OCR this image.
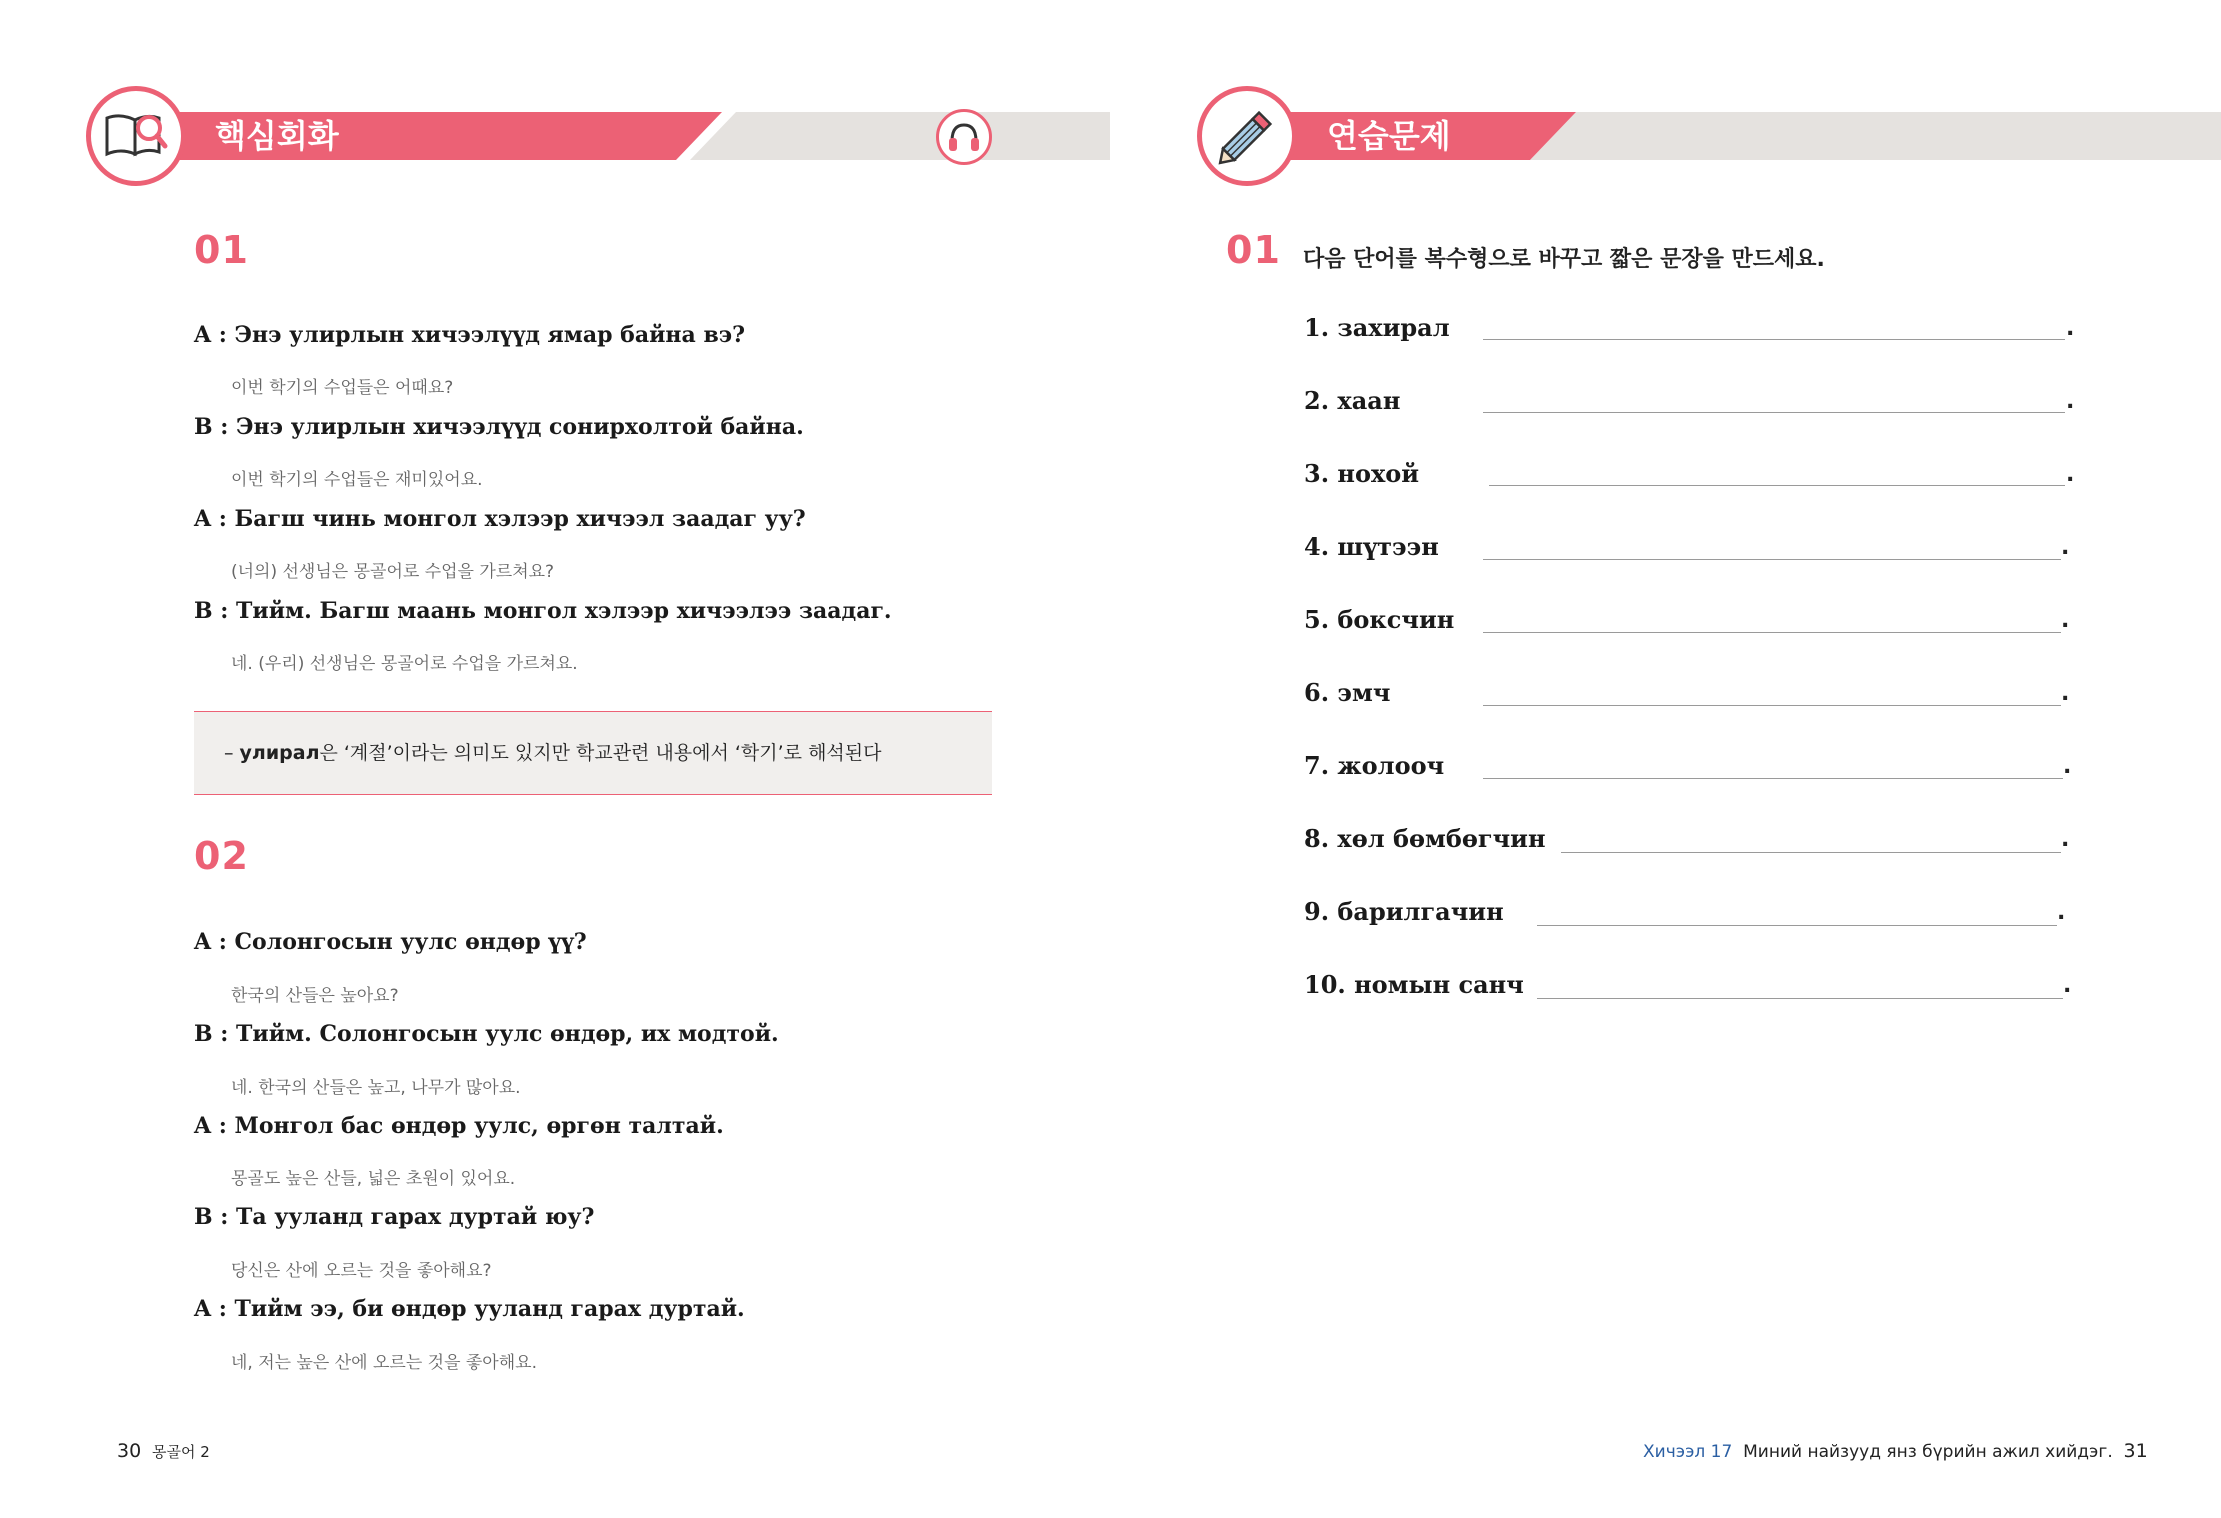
핵심회화
01
A : Энэ улирлын хичээлүүд ямар байна вэ?
이번 학기의 수업들은 어때요?
B : Энэ улирлын хичээлүүд сонирхолтой байна.
이번 학기의 수업들은 재미있어요.
A : Багш чинь монгол хэлээр хичээл заадаг уу?
(너의) 선생님은 몽골어로 수업을 가르쳐요?
B : Тийм. Багш маань монгол хэлээр хичээлээ заадаг.
네. (우리) 선생님은 몽골어로 수업을 가르쳐요.
– улирал은 ‘계절’이라는 의미도 있지만 학교관련 내용에서 ‘학기’로 해석된다
02
A : Солонгосын уулс өндөр үү?
한국의 산들은 높아요?
B : Тийм. Солонгосын уулс өндөр, их модтой.
네. 한국의 산들은 높고, 나무가 많아요.
A : Монгол бас өндөр уулс, өргөн талтай.
몽골도 높은 산들, 넓은 초원이 있어요.
B : Та ууланд гарах дуртай юу?
당신은 산에 오르는 것을 좋아해요?
A : Тийм ээ, би өндөр ууланд гарах дуртай.
네, 저는 높은 산에 오르는 것을 좋아해요.
30 몽골어 2
연습문제
01 다음 단어를 복수형으로 바꾸고 짧은 문장을 만드세요.
1. захирал	.
2. хаан	.
3. нохой	.
4. шүтээн	.
5. боксчин	.
6. эмч	.
7. жолооч	.
8. хөл бөмбөгчин	.
9. барилгачин	.
10. номын санч	.
Хичээл 17 Миний найзууд янз бүрийн ажил хийдэг. 31
